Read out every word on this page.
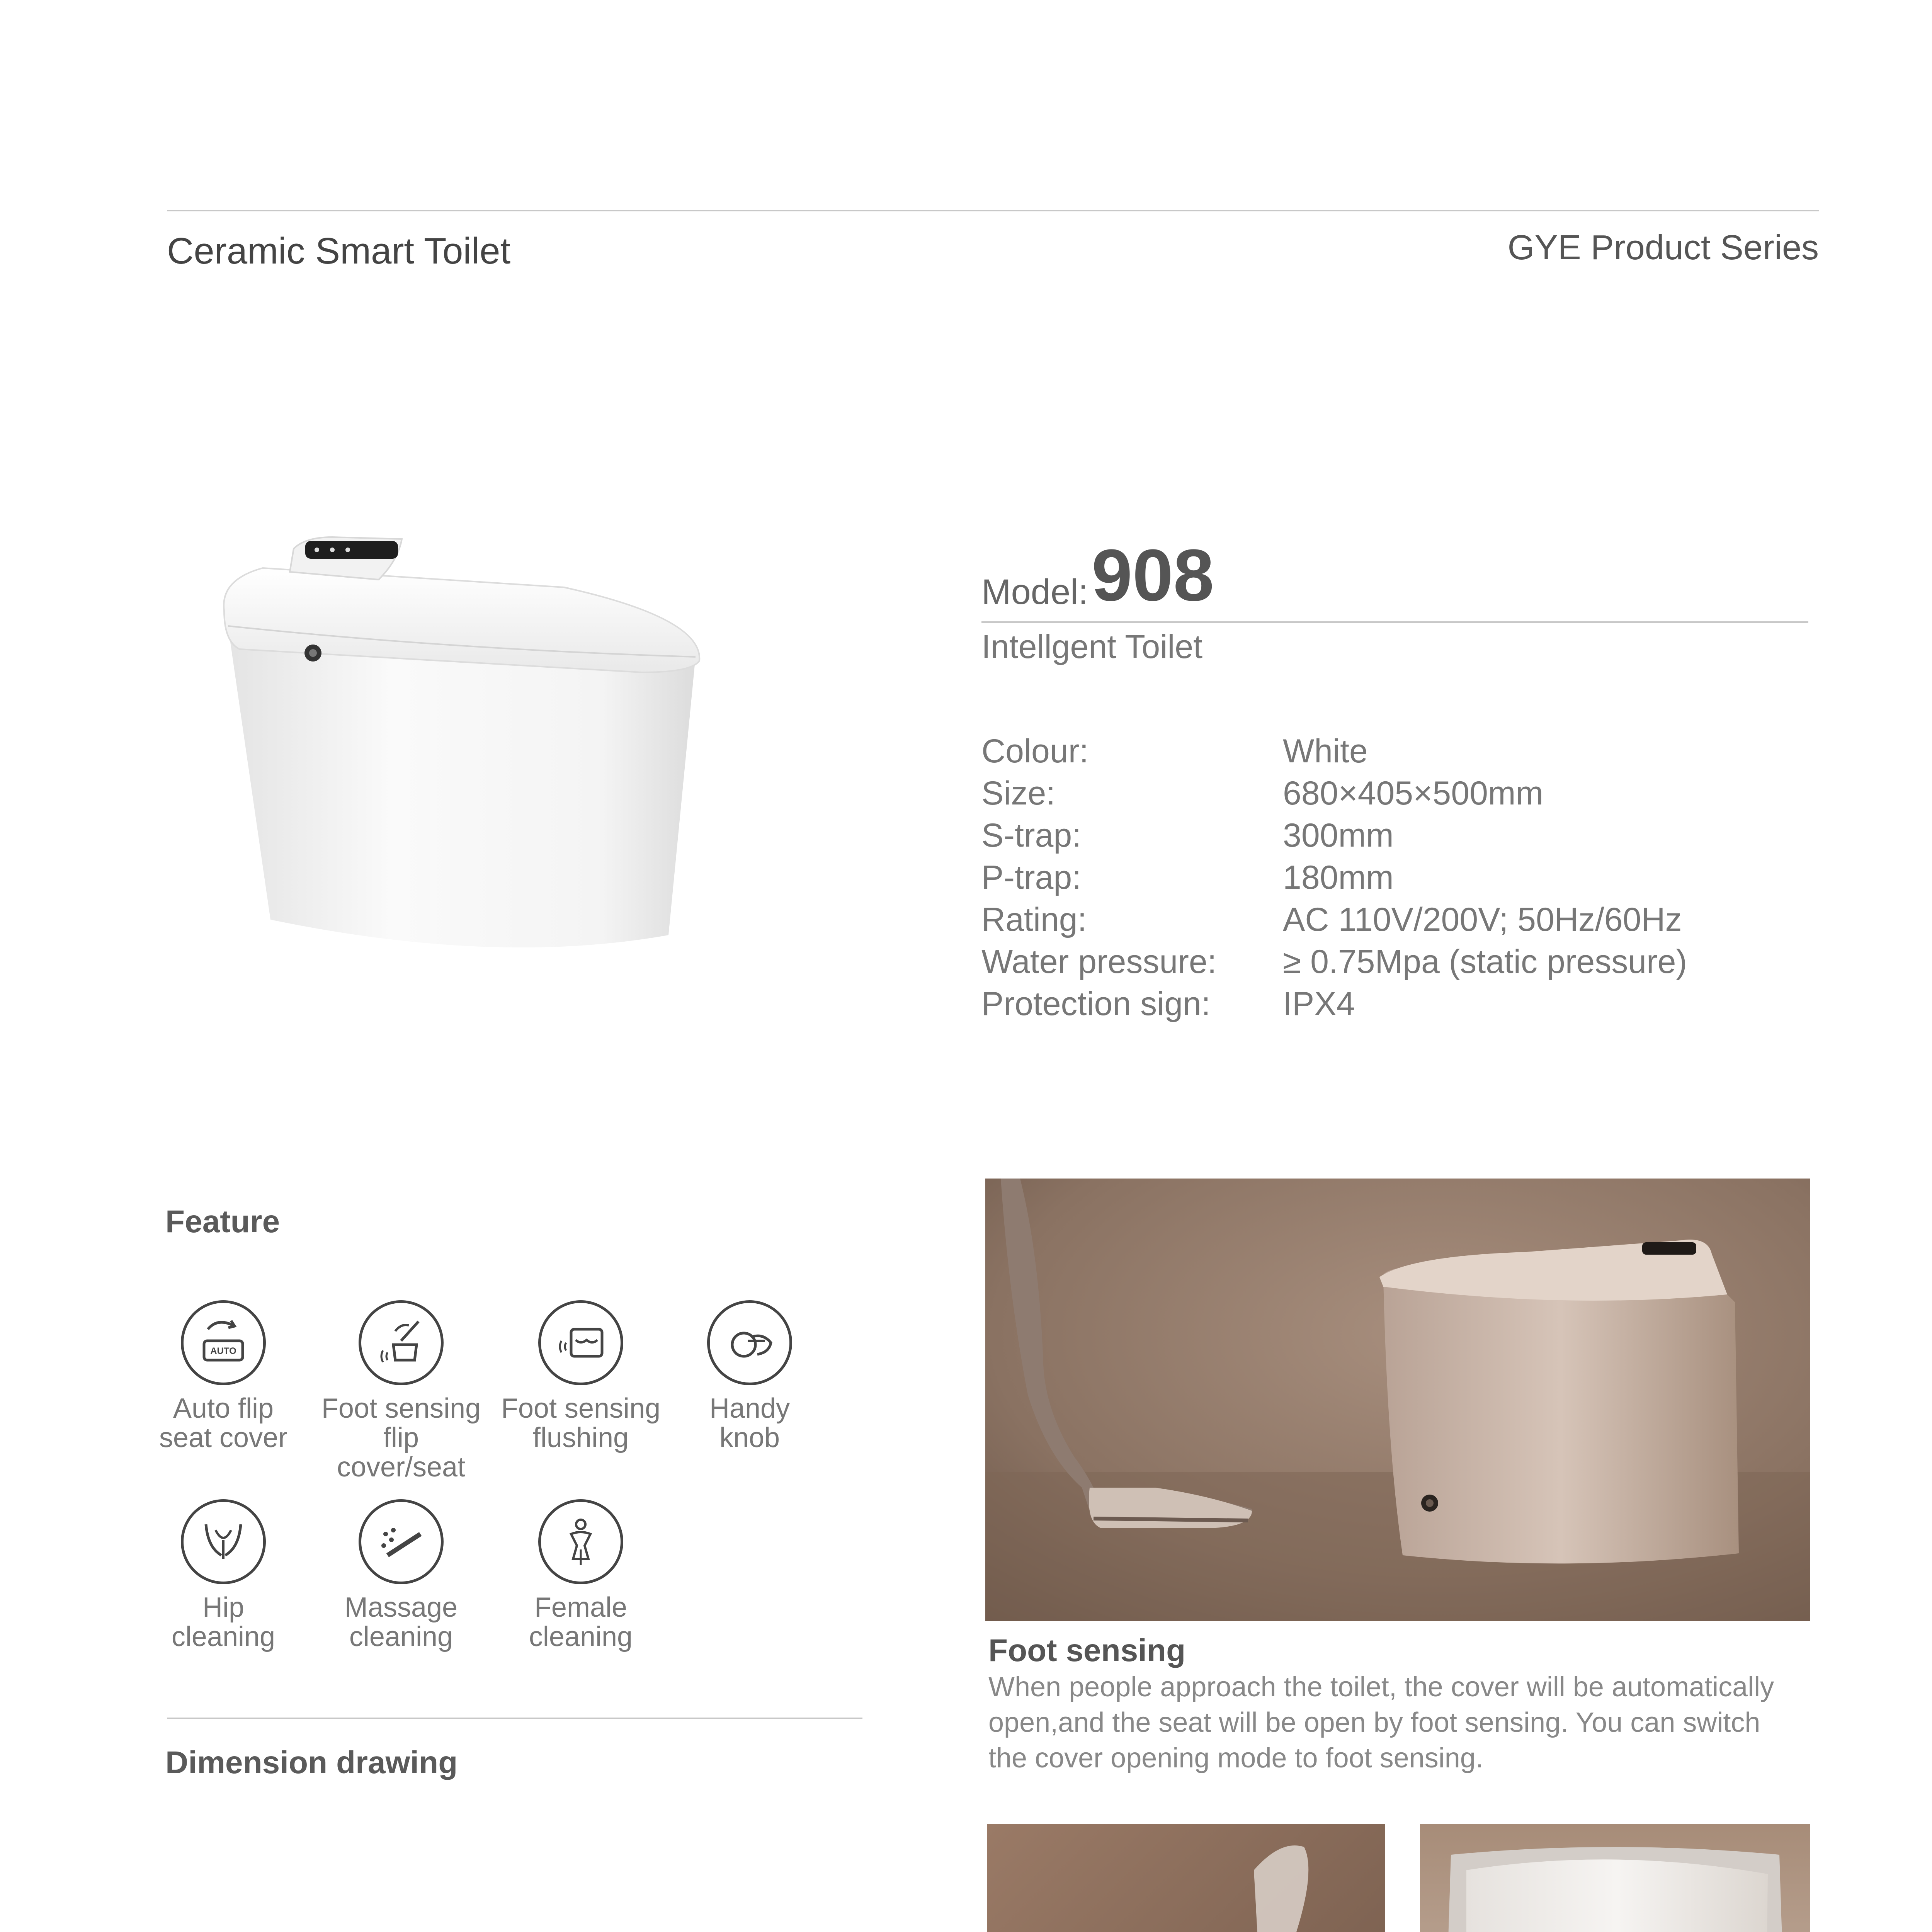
Ceramic Smart Toilet	GYE Product Series
Model: 908
Intellgent Toilet
Colour:	White
Size:	680×405×500mm
S-trap:	300mm
P-trap:	180mm
Rating:	AC 110V/200V; 50Hz/60Hz
Water pressure: ≥ 0.75Mpa (static pressure)
Protection sign: IPX4
Feature
AUTO
Auto flip
seat cover
Foot sensing
flip cover/seat
Foot sensing
flushing
Handy
knob
Hip
cleaning
Massage
cleaning
Female
cleaning
Dimension drawing
Foot sensing
When people approach the toilet, the cover will be automatically open,and the seat will be open by foot sensing. You can switch the cover opening mode to foot sensing.
